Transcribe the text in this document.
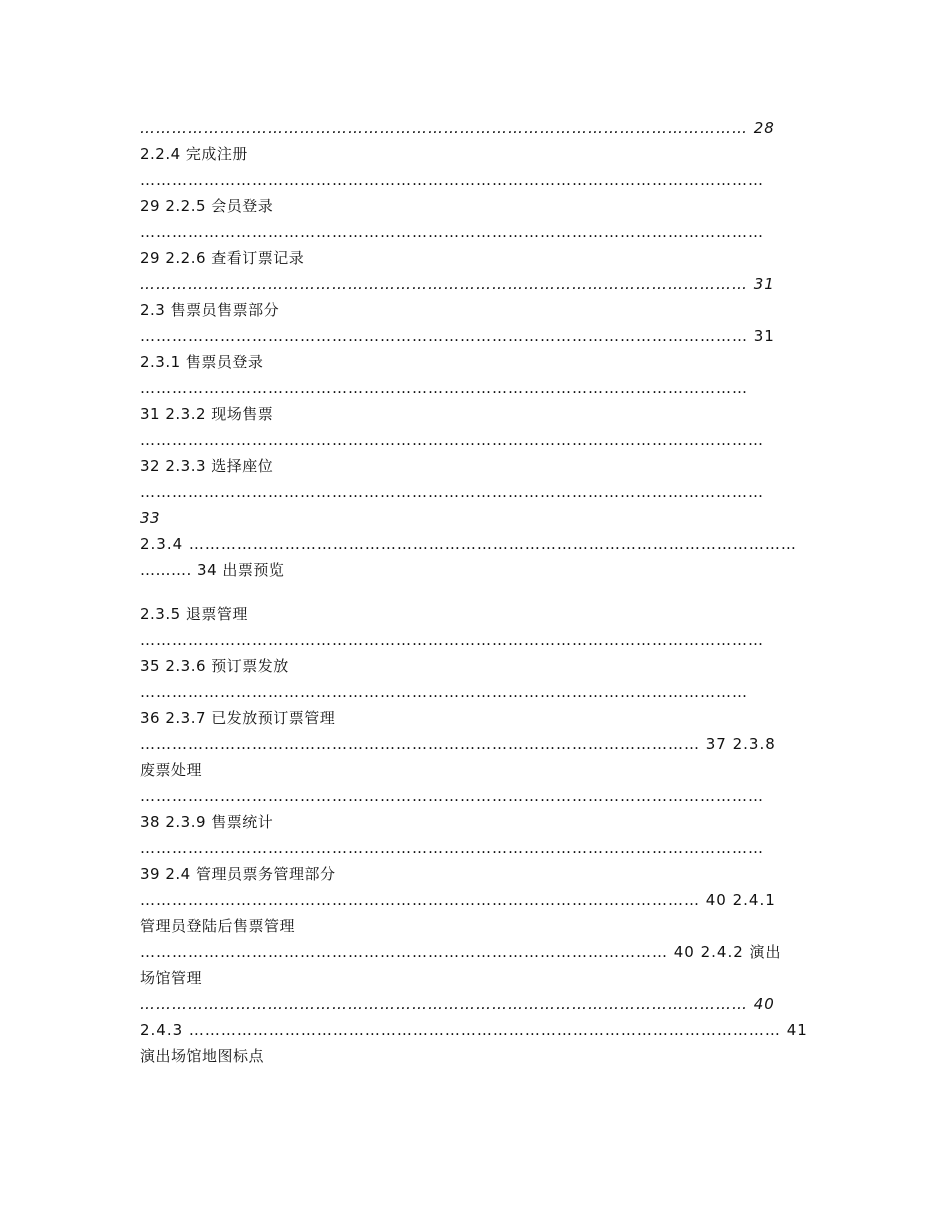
…………………………………………………………………………………………………… 28
2.2.4 完成注册
………………………………………………………………………………………………………
29 2.2.5 会员登录
………………………………………………………………………………………………………
29 2.2.6 查看订票记录
…………………………………………………………………………………………………… 31
2.3 售票员售票部分
…………………………………………………………………………………………………… 31
2.3.1 售票员登录
……………………………………………………………………………………………………
31 2.3.2 现场售票
………………………………………………………………………………………………………
32 2.3.3 选择座位
………………………………………………………………………………………………………
33
2.3.4 ……………………………………………………………………………………………………
………. 34 出票预览
2.3.5 退票管理
………………………………………………………………………………………………………
35 2.3.6 预订票发放
……………………………………………………………………………………………………
36 2.3.7 已发放预订票管理
…………………………………………………………………………………………… 37 2.3.8
废票处理
………………………………………………………………………………………………………
38 2.3.9 售票统计
………………………………………………………………………………………………………
39 2.4 管理员票务管理部分
…………………………………………………………………………………………… 40 2.4.1
管理员登陆后售票管理
……………………………………………………………………………………… 40 2.4.2 演出
场馆管理
…………………………………………………………………………………………………… 40
2.4.3 ………………………………………………………………………………………………… 41
演出场馆地图标点
